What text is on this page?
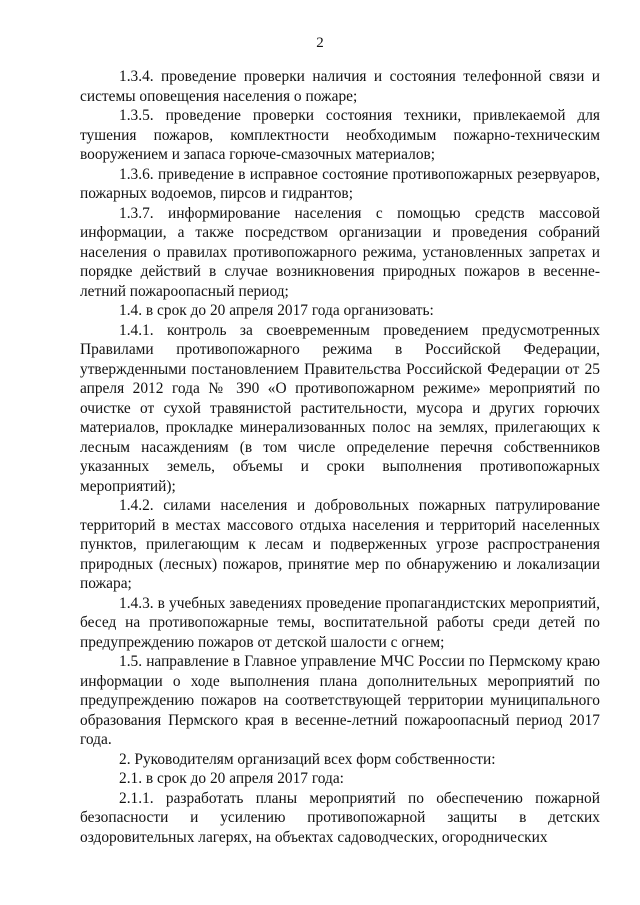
2

1.3.4. проведение проверки наличия и состояния телефонной связи и системы оповещения населения о пожаре;

1.3.5. проведение проверки состояния техники, привлекаемой для тушения пожаров, комплектности необходимым пожарно-техническим вооружением и запаса горюче-смазочных материалов;

1.3.6. приведение в исправное состояние противопожарных резервуаров, пожарных водоемов, пирсов и гидрантов;

1.3.7. информирование населения с помощью средств массовой информации, а также посредством организации и проведения собраний населения о правилах противопожарного режима, установленных запретах и порядке действий в случае возникновения природных пожаров в весенне-летний пожароопасный период;

1.4. в срок до 20 апреля 2017 года организовать:

1.4.1. контроль за своевременным проведением предусмотренных Правилами противопожарного режима в Российской Федерации, утвержденными постановлением Правительства Российской Федерации от 25 апреля 2012 года № 390 «О противопожарном режиме» мероприятий по очистке от сухой травянистой растительности, мусора и других горючих материалов, прокладке минерализованных полос на землях, прилегающих к лесным насаждениям (в том числе определение перечня собственников указанных земель, объемы и сроки выполнения противопожарных мероприятий);

1.4.2. силами населения и добровольных пожарных патрулирование территорий в местах массового отдыха населения и территорий населенных пунктов, прилегающим к лесам и подверженных угрозе распространения природных (лесных) пожаров, принятие мер по обнаружению и локализации пожара;

1.4.3. в учебных заведениях проведение пропагандистских мероприятий, бесед на противопожарные темы, воспитательной работы среди детей по предупреждению пожаров от детской шалости с огнем;

1.5. направление в Главное управление МЧС России по Пермскому краю информации о ходе выполнения плана дополнительных мероприятий по предупреждению пожаров на соответствующей территории муниципального образования Пермского края в весенне-летний пожароопасный период 2017 года.

2. Руководителям организаций всех форм собственности:

2.1. в срок до 20 апреля 2017 года:

2.1.1. разработать планы мероприятий по обеспечению пожарной безопасности и усилению противопожарной защиты в детских оздоровительных лагерях, на объектах садоводческих, огороднических
